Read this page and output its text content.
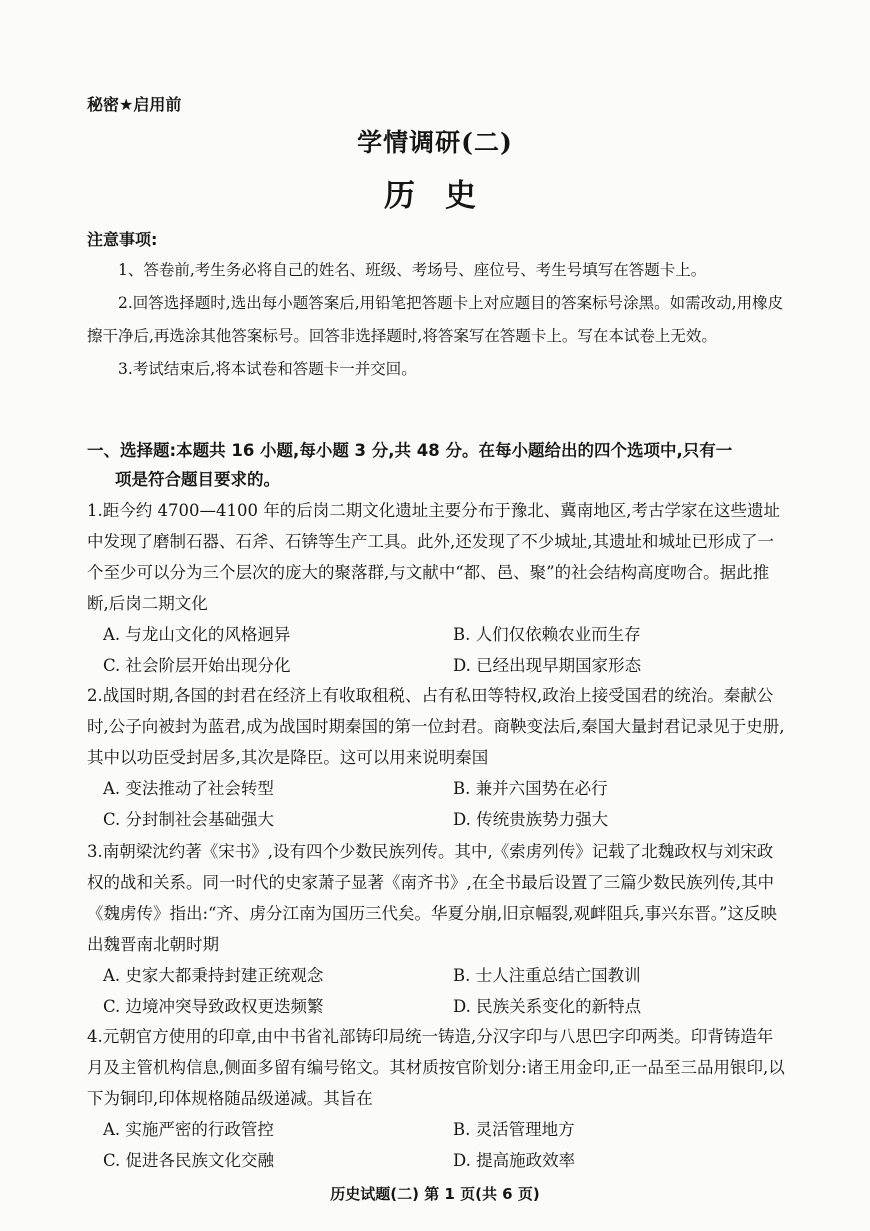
秘密★启用前
学情调研(二)
历史
注意事项:

1、答卷前,考生务必将自己的姓名、班级、考场号、座位号、考生号填写在答题卡上。

2.回答选择题时,选出每小题答案后,用铅笔把答题卡上对应题目的答案标号涂黑。如需改动,用橡皮擦干净后,再选涂其他答案标号。回答非选择题时,将答案写在答题卡上。写在本试卷上无效。

3.考试结束后,将本试卷和答题卡一并交回。

一、选择题:本题共 16 小题,每小题 3 分,共 48 分。在每小题给出的四个选项中,只有一
项是符合题目要求的。
1.距今约 4700—4100 年的后岗二期文化遗址主要分布于豫北、冀南地区,考古学家在这些遗址中发现了磨制石器、石斧、石锛等生产工具。此外,还发现了不少城址,其遗址和城址已形成了一个至少可以分为三个层次的庞大的聚落群,与文献中“都、邑、聚”的社会结构高度吻合。据此推断,后岗二期文化
A. 与龙山文化的风格迥异	B. 人们仅依赖农业而生存
C. 社会阶层开始出现分化	D. 已经出现早期国家形态
2.战国时期,各国的封君在经济上有收取租税、占有私田等特权,政治上接受国君的统治。秦献公时,公子向被封为蓝君,成为战国时期秦国的第一位封君。商鞅变法后,秦国大量封君记录见于史册,其中以功臣受封居多,其次是降臣。这可以用来说明秦国
A. 变法推动了社会转型	B. 兼并六国势在必行
C. 分封制社会基础强大	D. 传统贵族势力强大
3.南朝梁沈约著《宋书》,设有四个少数民族列传。其中,《索虏列传》记载了北魏政权与刘宋政权的战和关系。同一时代的史家萧子显著《南齐书》,在全书最后设置了三篇少数民族列传,其中《魏虏传》指出:“齐、虏分江南为国历三代矣。华夏分崩,旧京幅裂,观衅阻兵,事兴东晋。”这反映出魏晋南北朝时期
A. 史家大都秉持封建正统观念	B. 士人注重总结亡国教训
C. 边境冲突导致政权更迭频繁	D. 民族关系变化的新特点
4.元朝官方使用的印章,由中书省礼部铸印局统一铸造,分汉字印与八思巴字印两类。印背铸造年月及主管机构信息,侧面多留有编号铭文。其材质按官阶划分:诸王用金印,正一品至三品用银印,以下为铜印,印体规格随品级递减。其旨在
A. 实施严密的行政管控	B. 灵活管理地方
C. 促进各民族文化交融	D. 提高施政效率
历史试题(二) 第 1 页(共 6 页)
